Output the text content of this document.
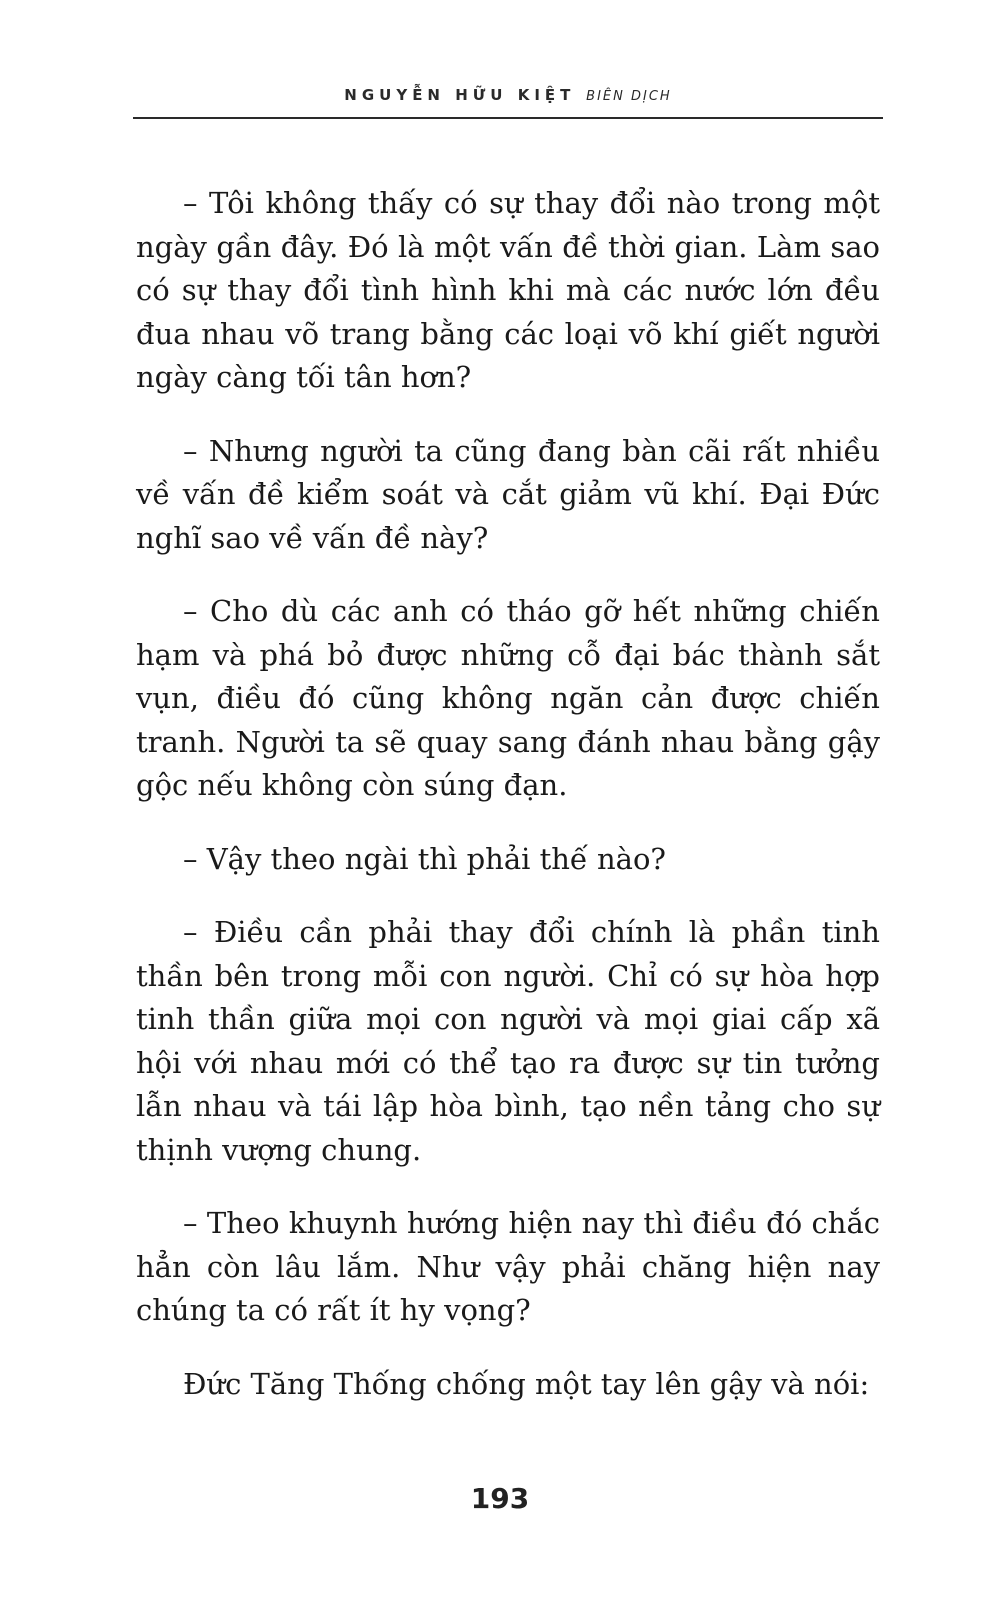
NGUYỄN HỮU KIỆT BIÊN DỊCH

– Tôi không thấy có sự thay đổi nào trong một ngày gần đây. Đó là một vấn đề thời gian. Làm sao có sự thay đổi tình hình khi mà các nước lớn đều đua nhau võ trang bằng các loại võ khí giết người ngày càng tối tân hơn?

– Nhưng người ta cũng đang bàn cãi rất nhiều về vấn đề kiểm soát và cắt giảm vũ khí. Đại Đức nghĩ sao về vấn đề này?

– Cho dù các anh có tháo gỡ hết những chiến hạm và phá bỏ được những cỗ đại bác thành sắt vụn, điều đó cũng không ngăn cản được chiến tranh. Người ta sẽ quay sang đánh nhau bằng gậy gộc nếu không còn súng đạn.

– Vậy theo ngài thì phải thế nào?

– Điều cần phải thay đổi chính là phần tinh thần bên trong mỗi con người. Chỉ có sự hòa hợp tinh thần giữa mọi con người và mọi giai cấp xã hội với nhau mới có thể tạo ra được sự tin tưởng lẫn nhau và tái lập hòa bình, tạo nền tảng cho sự thịnh vượng chung.

– Theo khuynh hướng hiện nay thì điều đó chắc hẳn còn lâu lắm. Như vậy phải chăng hiện nay chúng ta có rất ít hy vọng?

Đức Tăng Thống chống một tay lên gậy và nói:

193
